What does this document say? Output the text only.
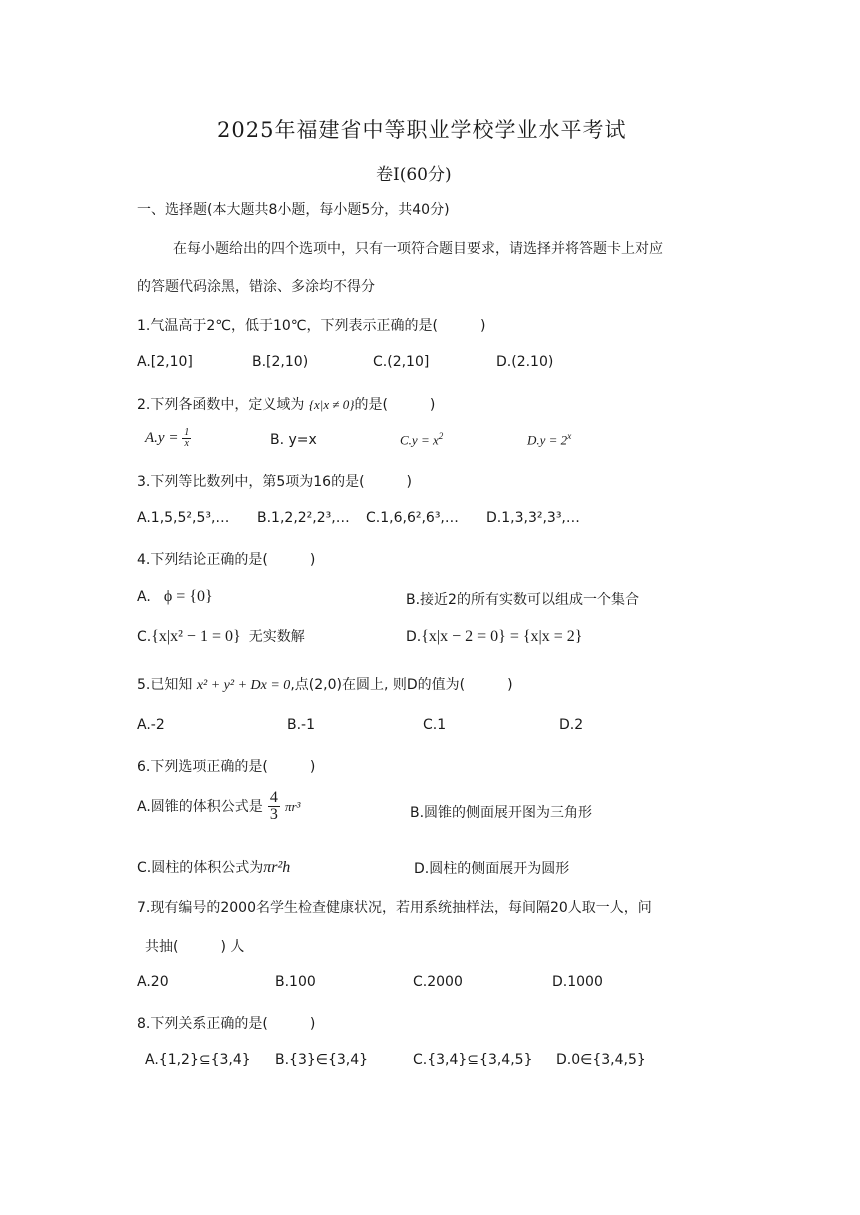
2025年福建省中等职业学校学业水平考试
卷Ⅰ(60分)
一、选择题(本大题共8小题，每小题5分，共40分)
在每小题给出的四个选项中，只有一项符合题目要求，请选择并将答题卡上对应
的答题代码涂黑，错涂、多涂均不得分
1.气温高于2℃，低于10℃，下列表示正确的是(　　　)
A.[2,10]	B.[2,10)	C.(2,10]	D.(2.10)
2.下列各函数中，定义域为 {x|x ≠ 0}的是(　　　)
$A.y = \frac{1}{x}$	B. y=x	$C.y = x^2$	$D.y = 2^x$
3.下列等比数列中，第5项为16的是(　　　)
A.1,5,5²,5³,… B.1,2,2²,2³,… C.1,6,6²,6³,… D.1,3,3²,3³,…
4.下列结论正确的是(　　　)
A. ϕ = {0}	B.接近2的所有实数可以组成一个集合
C.{x|x² − 1 = 0} 无实数解	D.{x|x − 2 = 0} = {x|x = 2}
5.已知知 x² + y² + Dx = 0,点(2,0)在圆上, 则D的值为(　　　)
A.-2	B.-1	C.1	D.2
6.下列选项正确的是(　　　)
A.圆锥的体积公式是 $\frac{4}{3} \pi r^3$	B.圆锥的侧面展开图为三角形
C.圆柱的体积公式为πr²h	D.圆柱的侧面展开为圆形
7.现有编号的2000名学生检查健康状况，若用系统抽样法，每间隔20人取一人，问
共抽(　　　) 人
A.20	B.100	C.2000	D.1000
8.下列关系正确的是(　　　)
A.{1,2}⊆{3,4} B.{3}∈{3,4}	C.{3,4}⊆{3,4,5} D.0∈{3,4,5}
